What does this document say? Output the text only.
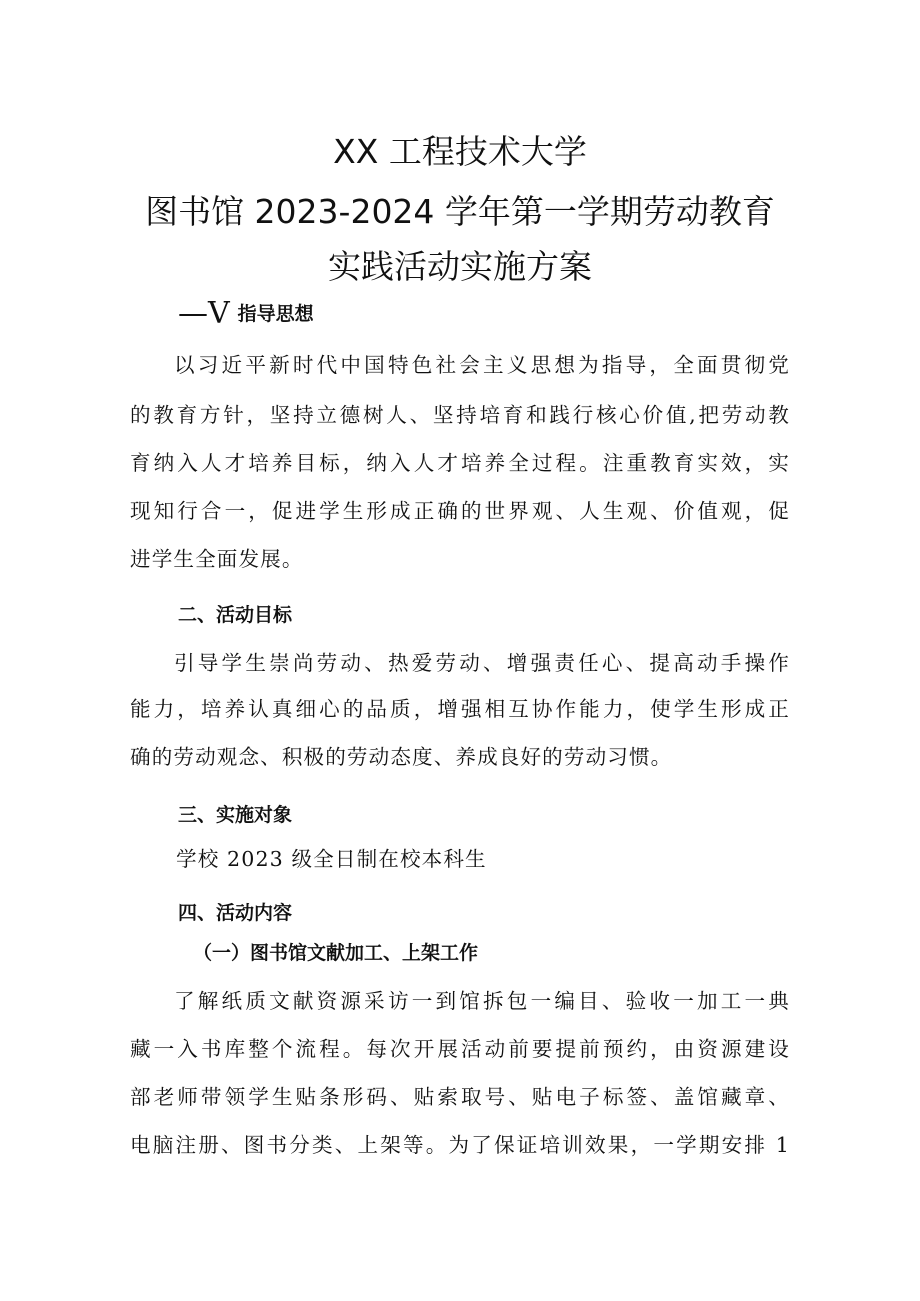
XX 工程技术大学
图书馆 2023-2024 学年第一学期劳动教育
实践活动实施方案
—V 指导思想
以习近平新时代中国特色社会主义思想为指导，全面贯彻党
的教育方针，坚持立德树人、坚持培育和践行核心价值,把劳动教
育纳入人才培养目标，纳入人才培养全过程。注重教育实效，实
现知行合一，促进学生形成正确的世界观、人生观、价值观，促
进学生全面发展。
二、活动目标
引导学生崇尚劳动、热爱劳动、增强责任心、提高动手操作
能力，培养认真细心的品质，增强相互协作能力，使学生形成正
确的劳动观念、积极的劳动态度、养成良好的劳动习惯。
三、实施对象
学校 2023 级全日制在校本科生
四、活动内容
（一）图书馆文献加工、上架工作
了解纸质文献资源采访一到馆拆包一编目、验收一加工一典
藏一入书库整个流程。每次开展活动前要提前预约，由资源建设
部老师带领学生贴条形码、贴索取号、贴电子标签、盖馆藏章、
电脑注册、图书分类、上架等。为了保证培训效果，一学期安排 1
